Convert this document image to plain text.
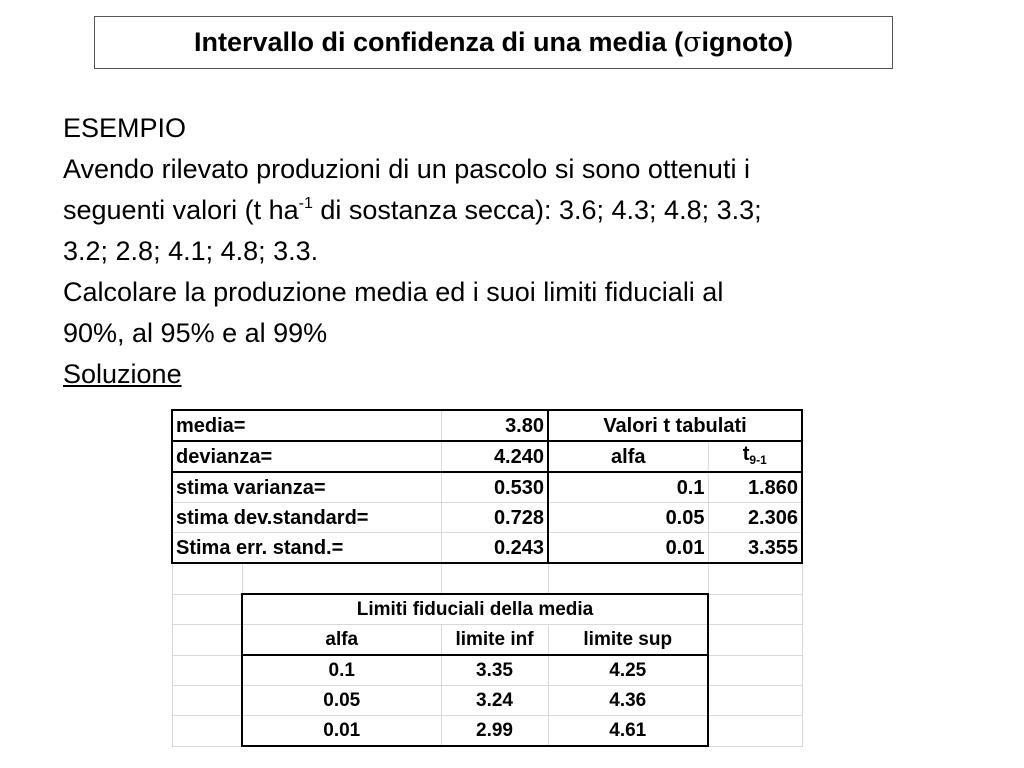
Intervallo di confidenza di una media ( σ ignoto)

ESEMPIO

Avendo rilevato produzioni di un pascolo si sono ottenuti i

seguenti valori (t $ha^{-1}$ di sostanza secca): 3.6; 4.3; 4.8; 3.3;

3.2; 2.8; 4.1; 4.8; 3.3.

Calcolare la produzione media ed i suoi limiti fiduciali al

90%, al 95% e al 99%

Soluzione

media=		3.80	Valori t tabulati	
devianza=		4.240	alfa	$t_{9-1}$
stima varianza=		0.530	0.1	1.860
stima dev.standard=		0.728	0.05	2.306
Stima err. stand.=		0.243	0.01	3.355

	Limiti fiduciali della media			
	alfa	limite inf	limite sup	
	0.1	3.35	4.25	
	0.05	3.24	4.36	
	0.01	2.99	4.61	
